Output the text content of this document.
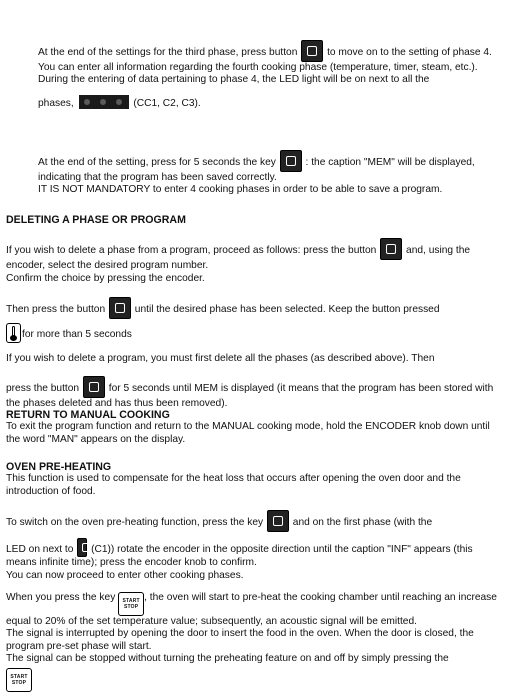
At the end of the settings for the third phase, press button	to move on to the setting of phase 4.

You can enter all information regarding the fourth cooking phase (temperature, timer, steam, etc.).

During the entering of data pertaining to phase 4, the LED light will be on next to all the

phases,	(CC1, C2, C3).

At the end of the setting, press for 5 seconds the key	: the caption "MEM" will be displayed, indicating that the program has been saved correctly.

IT IS NOT MANDATORY to enter 4 cooking phases in order to be able to save a program.

DELETING A PHASE OR PROGRAM

If you wish to delete a phase from a program, proceed as follows: press the button	and, using the encoder, select the desired program number.

Confirm the choice by pressing the encoder.

Then press the button	until the desired phase has been selected. Keep the button pressed

for more than 5 seconds

If you wish to delete a program, you must first delete all the phases (as described above). Then

press the button	for 5 seconds until MEM is displayed (it means that the program has been stored with the phases deleted and has thus been removed).

RETURN TO MANUAL COOKING

To exit the program function and return to the MANUAL cooking mode, hold the ENCODER knob down until the word "MAN" appears on the display.

OVEN PRE-HEATING

This function is used to compensate for the heat loss that occurs after opening the oven door and the introduction of food.

To switch on the oven pre-heating function, press the key	and on the first phase (with the

LED on next to (C1)) rotate the encoder in the opposite direction until the caption "INF" appears (this means infinite time); press the encoder knob to confirm.

You can now proceed to enter other cooking phases.

When you press the key	START
STOP
, the oven will start to pre-heat the cooking chamber until reaching an increase equal to 20% of the set temperature value; subsequently, an acoustic signal will be emitted.

The signal is interrupted by opening the door to insert the food in the oven. When the door is closed, the program pre-set phase will start.

The signal can be stopped without turning the preheating feature on and off by simply pressing the

START
STOP
